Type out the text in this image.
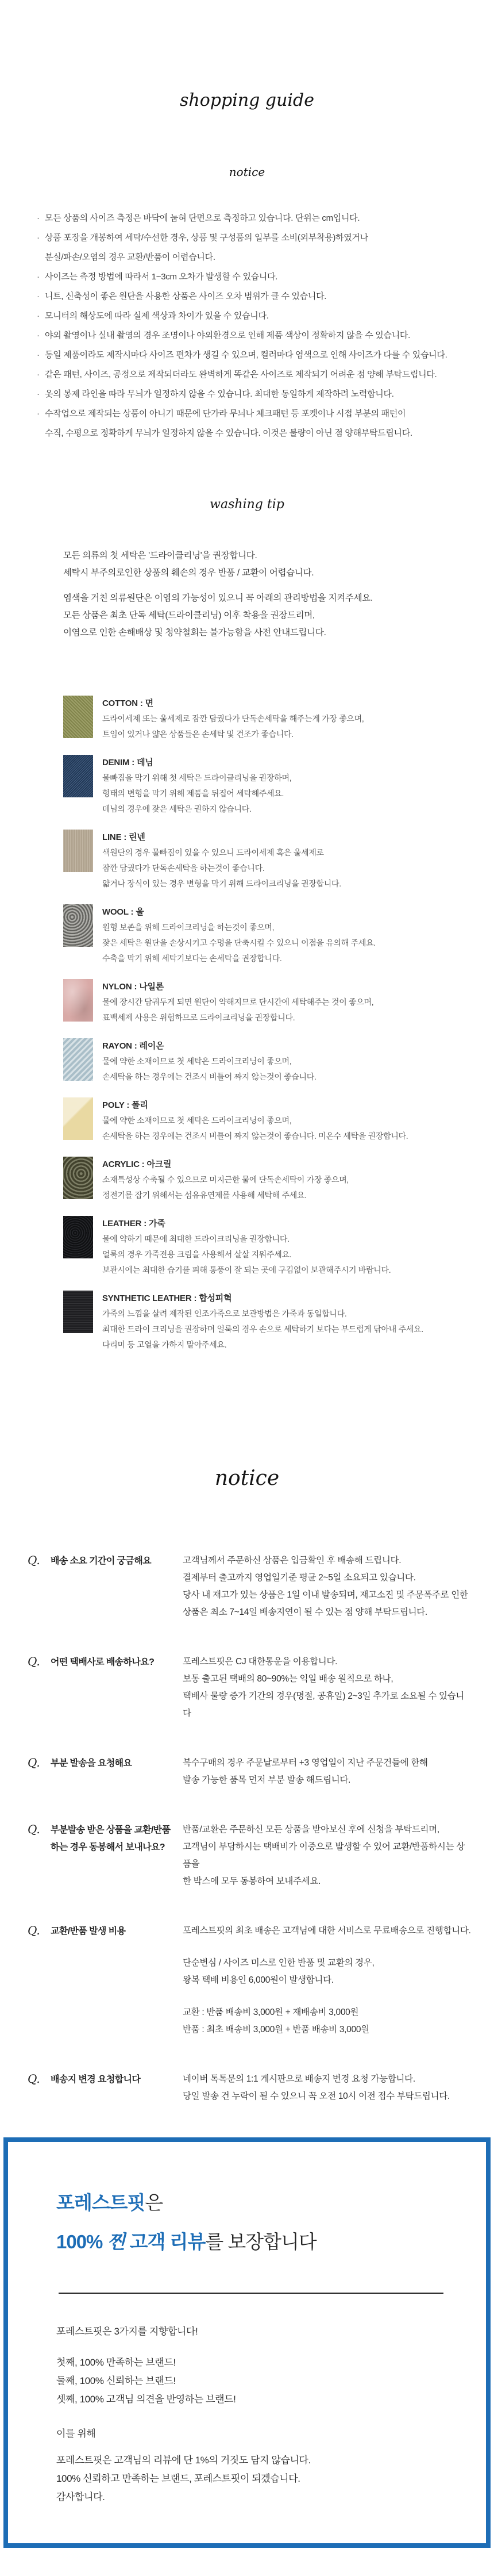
shopping guide
notice
· 모든 상품의 사이즈 측정은 바닥에 눕혀 단면으로 측정하고 있습니다. 단위는 cm입니다.
· 상품 포장을 개봉하여 세탁/수선한 경우, 상품 및 구성품의 일부를 소비(외부착용)하였거나
분실/파손/오염의 경우 교환/반품이 어렵습니다.
· 사이즈는 측정 방법에 따라서 1~3cm 오차가 발생할 수 있습니다.
· 니트, 신축성이 좋은 원단을 사용한 상품은 사이즈 오차 범위가 클 수 있습니다.
· 모니터의 해상도에 따라 실제 색상과 차이가 있을 수 있습니다.
· 야외 촬영이나 실내 촬영의 경우 조명이나 야외환경으로 인해 제품 색상이 정확하지 않을 수 있습니다.
· 동일 제품이라도 제작시마다 사이즈 편차가 생길 수 있으며, 컬러마다 염색으로 인해 사이즈가 다를 수 있습니다.
· 같은 패턴, 사이즈, 공정으로 제작되더라도 완벽하게 똑같은 사이즈로 제작되기 어려운 점 양해 부탁드립니다.
· 옷의 봉제 라인을 따라 무늬가 일정하지 않을 수 있습니다. 최대한 동일하게 제작하려 노력합니다.
· 수작업으로 제작되는 상품이 아니기 때문에 단가라 무늬나 체크패턴 등 포켓이나 시접 부분의 패턴이
수직, 수평으로 정확하게 무늬가 일정하지 않을 수 있습니다. 이것은 불량이 아닌 점 양해부탁드립니다.
washing tip
모든 의류의 첫 세탁은 '드라이클리닝'을 권장합니다.
세탁시 부주의로인한 상품의 훼손의 경우 반품 / 교환이 어렵습니다.
염색을 거친 의류원단은 이염의 가능성이 있으니 꼭 아래의 관리방법을 지켜주세요.
모든 상품은 최초 단독 세탁(드라이클리닝) 이후 착용을 권장드리며,
이염으로 인한 손해배상 및 청약철회는 불가능함을 사전 안내드립니다.
COTTON : 면
드라이세제 또는 울세제로 잠깐 담궜다가 단독손세탁을 해주는게 가장 좋으며,
트임이 있거나 얇은 상품들은 손세탁 및 건조가 좋습니다.
DENIM : 데님
물빠짐을 막기 위해 첫 세탁은 드라이클리닝을 권장하며,
형태의 변형을 막기 위해 제품을 뒤집어 세탁해주세요.
데님의 경우에 잦은 세탁은 권하지 않습니다.
LINE : 린넨
색원단의 경우 물빠짐이 있을 수 있으니 드라이세제 혹은 울세제로
잠깐 담궜다가 단독손세탁을 하는것이 좋습니다.
얇거나 장식이 있는 경우 변형을 막기 위해 드라이크리닝을 권장합니다.
WOOL : 울
원형 보존을 위해 드라이크리닝을 하는것이 좋으며,
잦은 세탁은 원단을 손상시키고 수명을 단축시킬 수 있으니 이점을 유의해 주세요.
수축을 막기 위해 세탁기보다는 손세탁을 권장합니다.
NYLON : 나일론
물에 장시간 담궈두게 되면 원단이 약해지므로 단시간에 세탁해주는 것이 좋으며,
표백세제 사용은 위험하므로 드라이크리닝을 권장합니다.
RAYON : 레이온
물에 약한 소재이므로 첫 세탁은 드라이크리닝이 좋으며,
손세탁을 하는 경우에는 건조시 비틀어 짜지 않는것이 좋습니다.
POLY : 폴리
물에 약한 소재이므로 첫 세탁은 드라이크리닝이 좋으며,
손세탁을 하는 경우에는 건조시 비틀어 짜지 않는것이 좋습니다. 미온수 세탁을 권장합니다.
ACRYLIC : 아크릴
소재특성상 수축될 수 있으므로 미지근한 물에 단독손세탁이 가장 좋으며,
정전기를 잡기 위해서는 섬유유연제를 사용해 세탁해 주세요.
LEATHER : 가죽
물에 약하기 때문에 최대한 드라이크리닝을 권장합니다.
얼룩의 경우 가죽전용 크림을 사용해서 살살 지워주세요.
보관시에는 최대한 습기를 피해 통풍이 잘 되는 곳에 구김없이 보관해주시기 바랍니다.
SYNTHETIC LEATHER : 합성피혁
가죽의 느낌을 살려 제작된 인조가죽으로 보관방법은 가죽과 동일합니다.
최대한 드라이 크리닝을 권장하며 얼룩의 경우 손으로 세탁하기 보다는 부드럽게 닦아내 주세요.
다리미 등 고열을 가하지 말아주세요.
notice
Q.	배송 소요 기간이 궁금해요	고객님께서 주문하신 상품은 입금확인 후 배송해 드립니다.
결제부터 출고까지 영업일기준 평균 2~5일 소요되고 있습니다.
당사 내 재고가 있는 상품은 1일 이내 발송되며, 재고소진 및 주문폭주로 인한
상품은 최소 7~14일 배송지연이 될 수 있는 점 양해 부탁드립니다.
Q.	어떤 택배사로 배송하나요?	포레스트핏은 CJ 대한통운을 이용합니다.
보통 출고된 택배의 80~90%는 익일 배송 원칙으로 하나,
택배사 물량 증가 기간의 경우(명절, 공휴일) 2~3일 추가로 소요될 수 있습니다
Q.	부분 발송을 요청해요	복수구매의 경우 주문날로부터 +3 영업일이 지난 주문건들에 한해
발송 가능한 품목 먼저 부분 발송 해드립니다.
Q.	부분발송 받은 상품을 교환/반품
하는 경우 동봉해서 보내나요?
반품/교환은 주문하신 모든 상품을 받아보신 후에 신청을 부탁드리며,
고객님이 부담하시는 택배비가 이중으로 발생할 수 있어 교환/반품하시는 상품을
한 박스에 모두 동봉하여 보내주세요.
Q.	교환/반품 발생 비용	포레스트핏의 최초 배송은 고객님에 대한 서비스로 무료배송으로 진행합니다.
단순변심 / 사이즈 미스로 인한 반품 및 교환의 경우,
왕복 택배 비용인 6,000원이 발생합니다.
교환 : 반품 배송비 3,000원 + 재배송비 3,000원
반품 : 최초 배송비 3,000원 + 반품 배송비 3,000원
Q.	배송지 변경 요청합니다	네이버 톡톡문의 1:1 게시판으로 배송지 변경 요청 가능합니다.
당일 발송 건 누락이 될 수 있으니 꼭 오전 10시 이전 접수 부탁드립니다.
포레스트핏은
100% 찐 고객 리뷰를 보장합니다
포레스트핏은 3가지를 지향합니다!
첫째, 100% 만족하는 브랜드!
둘째, 100% 신뢰하는 브랜드!
셋째, 100% 고객님 의견을 반영하는 브랜드!
이를 위해
포레스트핏은 고객님의 리뷰에 단 1%의 거짓도 담지 않습니다.
100% 신뢰하고 만족하는 브랜드, 포레스트핏이 되겠습니다.
감사합니다.
